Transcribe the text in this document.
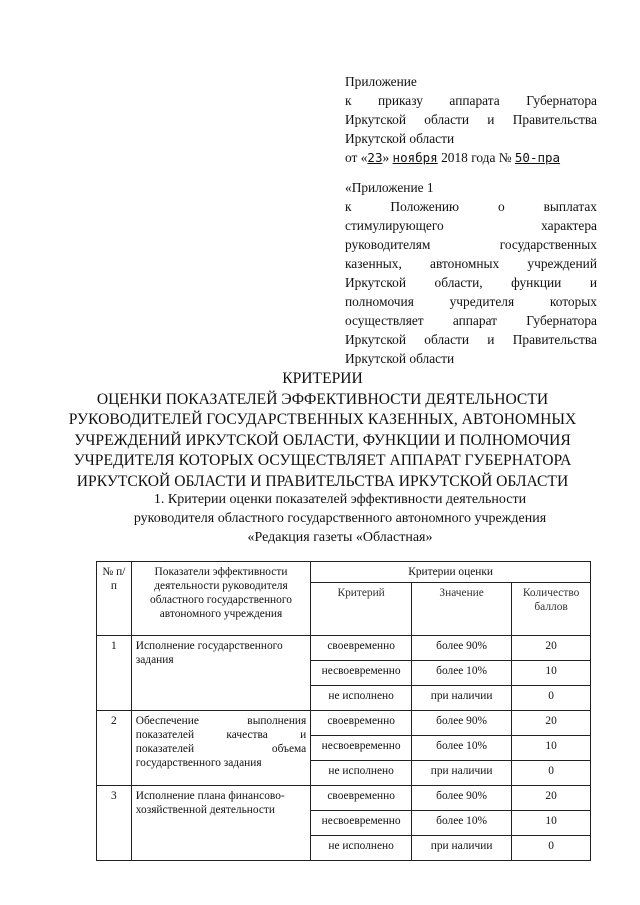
Приложение
к приказу аппарата Губернатора
Иркутской области и Правительства
Иркутской области
от «23» ноября 2018 года № 50-пра
«Приложение 1
к Положению о выплатах
стимулирующего характера
руководителям государственных
казенных, автономных учреждений
Иркутской области, функции и
полномочия учредителя которых
осуществляет аппарат Губернатора
Иркутской области и Правительства
Иркутской области
КРИТЕРИИ
ОЦЕНКИ ПОКАЗАТЕЛЕЙ ЭФФЕКТИВНОСТИ ДЕЯТЕЛЬНОСТИ
РУКОВОДИТЕЛЕЙ ГОСУДАРСТВЕННЫХ КАЗЕННЫХ, АВТОНОМНЫХ
УЧРЕЖДЕНИЙ ИРКУТСКОЙ ОБЛАСТИ, ФУНКЦИИ И ПОЛНОМОЧИЯ
УЧРЕДИТЕЛЯ КОТОРЫХ ОСУЩЕСТВЛЯЕТ АППАРАТ ГУБЕРНАТОРА
ИРКУТСКОЙ ОБЛАСТИ И ПРАВИТЕЛЬСТВА ИРКУТСКОЙ ОБЛАСТИ
1. Критерии оценки показателей эффективности деятельности
руководителя областного государственного автономного учреждения
«Редакция газеты «Областная»
№ п/п	Показатели эффективности деятельности руководителя областного государственного автономного учреждения	Критерии оценки		
		Критерий	Значение	Количество баллов
1	Исполнение государственного задания	своевременно	более 90%	20
		несвоевременно	более 10%	10
		не исполнено	при наличии	0
2	Обеспечение выполнения показателей качества и показателей объема государственного задания	своевременно	более 90%	20
		несвоевременно	более 10%	10
		не исполнено	при наличии	0
3	Исполнение плана финансово-хозяйственной деятельности	своевременно	более 90%	20
		несвоевременно	более 10%	10
		не исполнено	при наличии	0
